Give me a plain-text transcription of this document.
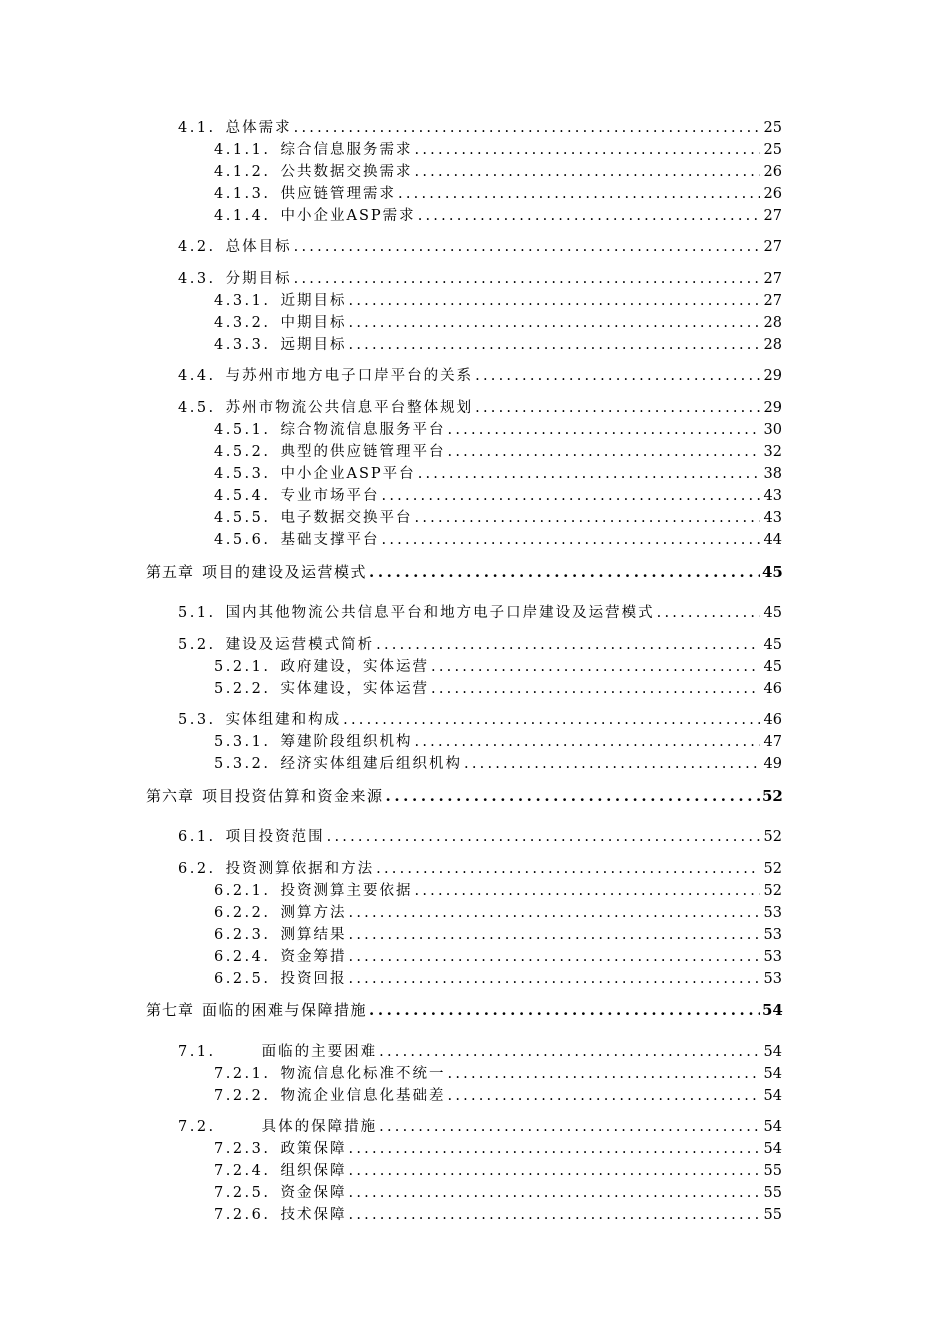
4.1. 总体需求 .....	25
4.1.1. 综合信息服务需求 .....	25
4.1.2. 公共数据交换需求 .....	26
4.1.3. 供应链管理需求 .....	26
4.1.4. 中小企业ASP需求 .....	27
4.2. 总体目标 .....	27
4.3. 分期目标 .....	27
4.3.1. 近期目标 .....	27
4.3.2. 中期目标 .....	28
4.3.3. 远期目标 .....	28
4.4. 与苏州市地方电子口岸平台的关系 .....	29
4.5. 苏州市物流公共信息平台整体规划 .....	29
4.5.1. 综合物流信息服务平台 .....	30
4.5.2. 典型的供应链管理平台 .....	32
4.5.3. 中小企业ASP平台 .....	38
4.5.4. 专业市场平台 .....	43
4.5.5. 电子数据交换平台 .....	43
4.5.6. 基础支撑平台 .....	44
第五章 项目的建设及运营模式 .....	45
5.1. 国内其他物流公共信息平台和地方电子口岸建设及运营模式 .....	45
5.2. 建设及运营模式简析 .....	45
5.2.1. 政府建设，实体运营 .....	45
5.2.2. 实体建设，实体运营 .....	46
5.3. 实体组建和构成 .....	46
5.3.1. 筹建阶段组织机构 .....	47
5.3.2. 经济实体组建后组织机构 .....	49
第六章 项目投资估算和资金来源 .....	52
6.1. 项目投资范围 .....	52
6.2. 投资测算依据和方法 .....	52
6.2.1. 投资测算主要依据 .....	52
6.2.2. 测算方法 .....	53
6.2.3. 测算结果 .....	53
6.2.4. 资金筹措 .....	53
6.2.5. 投资回报 .....	53
第七章 面临的困难与保障措施 .....	54
7.1.	面临的主要困难 .....	54
7.2.1. 物流信息化标准不统一 .....	54
7.2.2. 物流企业信息化基础差 .....	54
7.2.	具体的保障措施 .....	54
7.2.3. 政策保障 .....	54
7.2.4. 组织保障 .....	55
7.2.5. 资金保障 .....	55
7.2.6. 技术保障 .....	55
